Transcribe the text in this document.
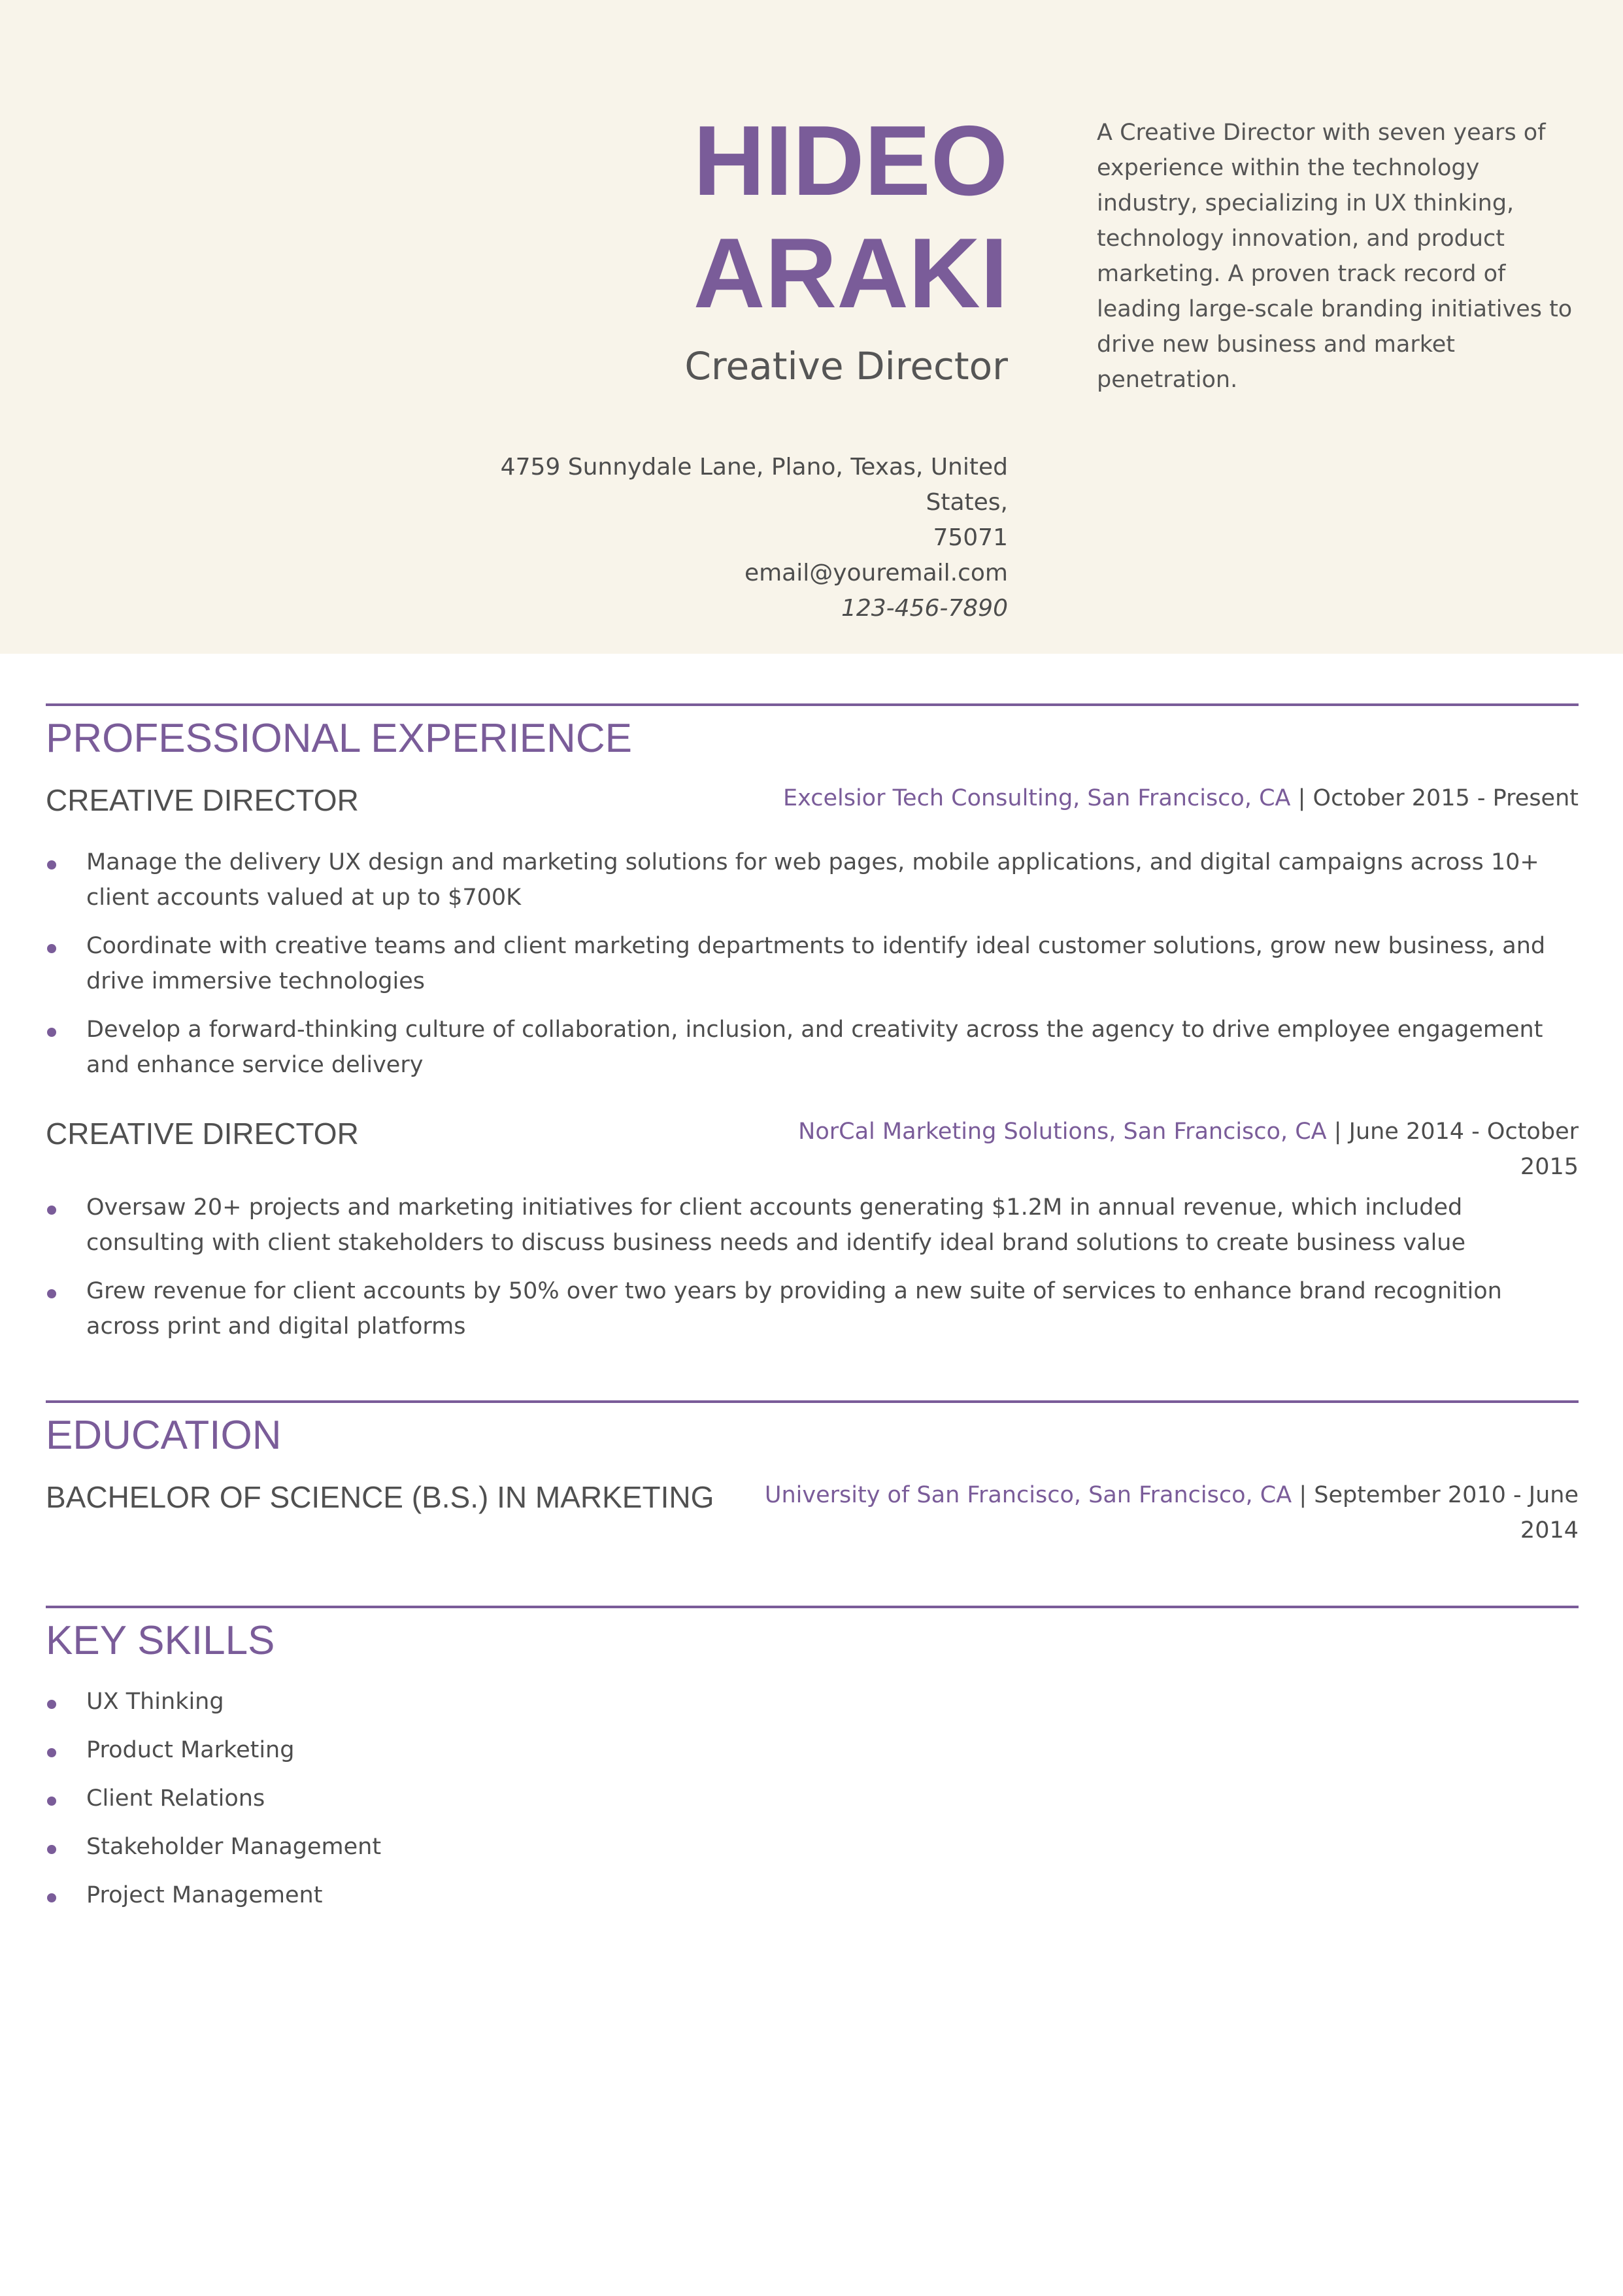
HIDEO
ARAKI
Creative Director
4759 Sunnydale Lane, Plano, Texas, United States,
75071
email@youremail.com
123-456-7890
A Creative Director with seven years of experience within the technology industry, specializing in UX thinking, technology innovation, and product marketing. A proven track record of leading large-scale branding initiatives to drive new business and market penetration.
PROFESSIONAL EXPERIENCE
CREATIVE DIRECTOR	Excelsior Tech Consulting, San Francisco, CA | October 2015 - Present
Manage the delivery UX design and marketing solutions for web pages, mobile applications, and digital campaigns across 10+ client accounts valued at up to $700K
Coordinate with creative teams and client marketing departments to identify ideal customer solutions, grow new business, and drive immersive technologies
Develop a forward-thinking culture of collaboration, inclusion, and creativity across the agency to drive employee engagement and enhance service delivery
CREATIVE DIRECTOR	NorCal Marketing Solutions, San Francisco, CA | June 2014 - October
2015
Oversaw 20+ projects and marketing initiatives for client accounts generating $1.2M in annual revenue, which included consulting with client stakeholders to discuss business needs and identify ideal brand solutions to create business value
Grew revenue for client accounts by 50% over two years by providing a new suite of services to enhance brand recognition across print and digital platforms
EDUCATION
BACHELOR OF SCIENCE (B.S.) IN MARKETING University of San Francisco, San Francisco, CA | September 2010 - June
2014
KEY SKILLS
UX Thinking
Product Marketing
Client Relations
Stakeholder Management
Project Management
